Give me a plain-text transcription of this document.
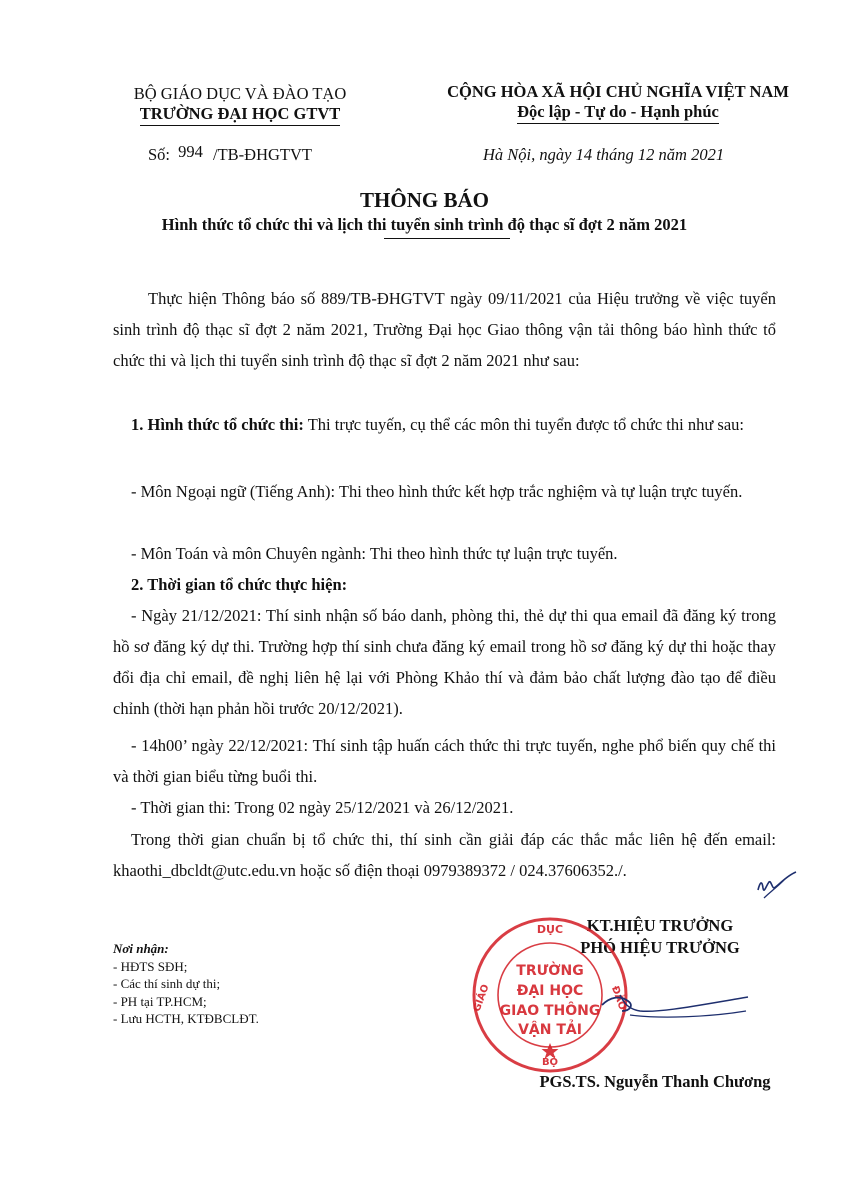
BỘ GIÁO DỤC VÀ ĐÀO TẠO
TRƯỜNG ĐẠI HỌC GTVT
CỘNG HÒA XÃ HỘI CHỦ NGHĨA VIỆT NAM
Độc lập - Tự do - Hạnh phúc
Số: 994 /TB-ĐHGTVT	Hà Nội, ngày 14 tháng 12 năm 2021
THÔNG BÁO
Hình thức tổ chức thi và lịch thi tuyển sinh trình độ thạc sĩ đợt 2 năm 2021
Thực hiện Thông báo số 889/TB-ĐHGTVT ngày 09/11/2021 của Hiệu trưởng về việc tuyển sinh trình độ thạc sĩ đợt 2 năm 2021, Trường Đại học Giao thông vận tải thông báo hình thức tổ chức thi và lịch thi tuyển sinh trình độ thạc sĩ đợt 2 năm 2021 như sau:
1. Hình thức tổ chức thi: Thi trực tuyến, cụ thể các môn thi tuyển được tổ chức thi như sau:
- Môn Ngoại ngữ (Tiếng Anh): Thi theo hình thức kết hợp trắc nghiệm và tự luận trực tuyến.
- Môn Toán và môn Chuyên ngành: Thi theo hình thức tự luận trực tuyến.
2. Thời gian tổ chức thực hiện:
- Ngày 21/12/2021: Thí sinh nhận số báo danh, phòng thi, thẻ dự thi qua email đã đăng ký trong hồ sơ đăng ký dự thi. Trường hợp thí sinh chưa đăng ký email trong hồ sơ đăng ký dự thi hoặc thay đổi địa chỉ email, đề nghị liên hệ lại với Phòng Khảo thí và đảm bảo chất lượng đào tạo để điều chỉnh (thời hạn phản hồi trước 20/12/2021).
- 14h00’ ngày 22/12/2021: Thí sinh tập huấn cách thức thi trực tuyến, nghe phổ biến quy chế thi và thời gian biểu từng buổi thi.
- Thời gian thi: Trong 02 ngày 25/12/2021 và 26/12/2021.
Trong thời gian chuẩn bị tổ chức thi, thí sinh cần giải đáp các thắc mắc liên hệ đến email: khaothi_dbcldt@utc.edu.vn hoặc số điện thoại 0979389372 / 024.37606352./.
Nơi nhận:
- HĐTS SĐH;
- Các thí sinh dự thi;
- PH tại TP.HCM;
- Lưu HCTH, KTĐBCLĐT.
KT.HIỆU TRƯỞNG
PHÓ HIỆU TRƯỞNG
DỤC
GIÁO	ĐÀO
BỘ
TRƯỜNG
ĐẠI HỌC
GIAO THÔNG
VẬN TẢI
PGS.TS. Nguyễn Thanh Chương
